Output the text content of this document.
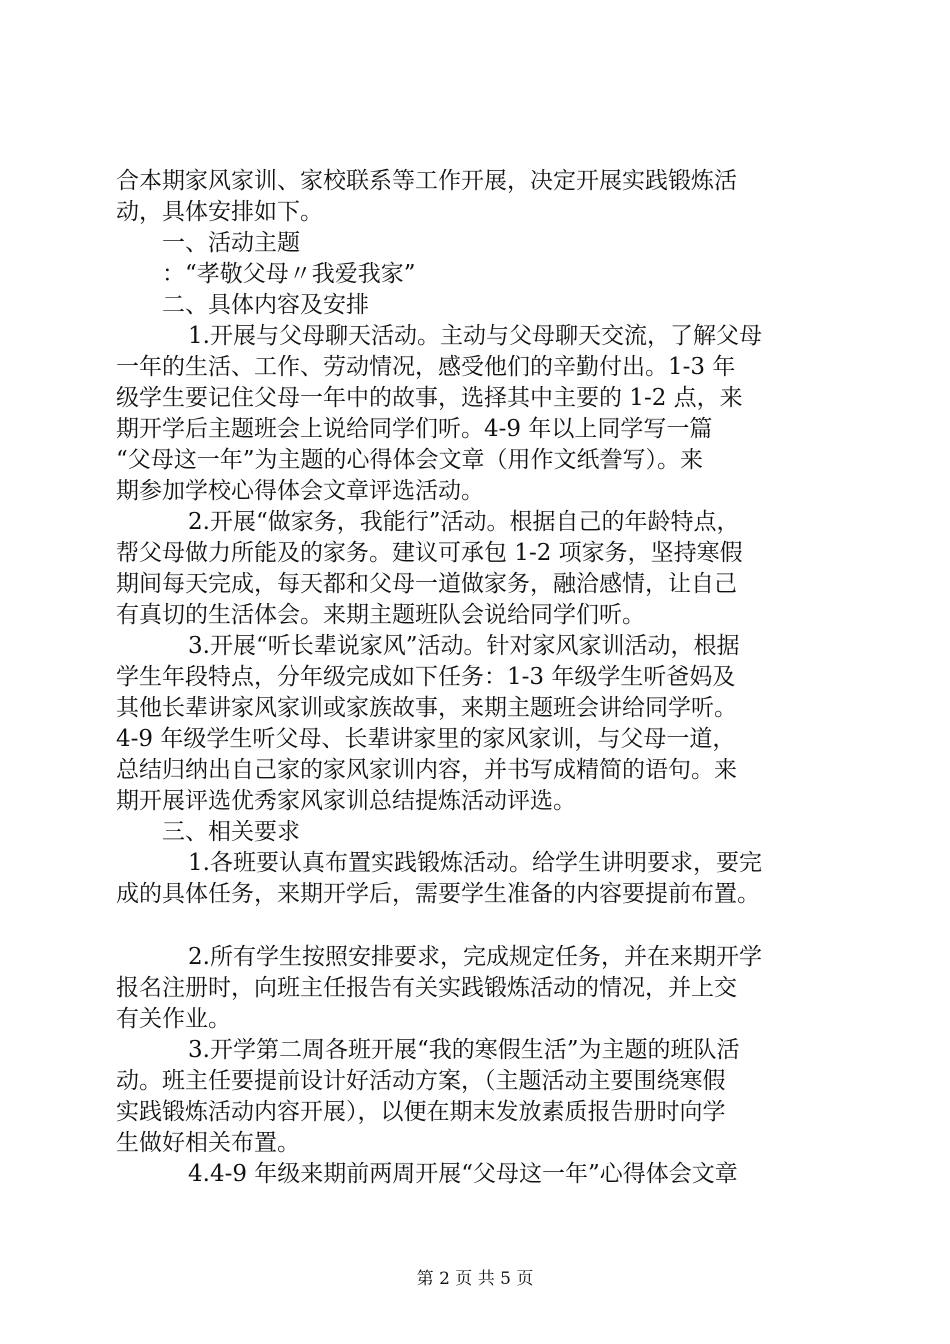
合本期家风家训、家校联系等工作开展，决定开展实践锻炼活
动，具体安排如下。
一、活动主题
：“孝敬父母〃我爱我家”
二、具体内容及安排
1.开展与父母聊天活动。主动与父母聊天交流，了解父母
一年的生活、工作、劳动情况，感受他们的辛勤付出。1-3 年
级学生要记住父母一年中的故事，选择其中主要的 1-2 点，来
期开学后主题班会上说给同学们听。4-9 年以上同学写一篇
“父母这一年”为主题的心得体会文章（用作文纸誊写）。来
期参加学校心得体会文章评选活动。
2.开展“做家务，我能行”活动。根据自己的年龄特点，
帮父母做力所能及的家务。建议可承包 1-2 项家务，坚持寒假
期间每天完成，每天都和父母一道做家务，融洽感情，让自己
有真切的生活体会。来期主题班队会说给同学们听。
3.开展“听长辈说家风”活动。针对家风家训活动，根据
学生年段特点，分年级完成如下任务：1-3 年级学生听爸妈及
其他长辈讲家风家训或家族故事，来期主题班会讲给同学听。
4-9 年级学生听父母、长辈讲家里的家风家训，与父母一道，
总结归纳出自己家的家风家训内容，并书写成精简的语句。来
期开展评选优秀家风家训总结提炼活动评选。
三、相关要求
1.各班要认真布置实践锻炼活动。给学生讲明要求，要完
成的具体任务，来期开学后，需要学生准备的内容要提前布置。
2.所有学生按照安排要求，完成规定任务，并在来期开学
报名注册时，向班主任报告有关实践锻炼活动的情况，并上交
有关作业。
3.开学第二周各班开展“我的寒假生活”为主题的班队活
动。班主任要提前设计好活动方案，（主题活动主要围绕寒假
实践锻炼活动内容开展），以便在期末发放素质报告册时向学
生做好相关布置。
4.4-9 年级来期前两周开展“父母这一年”心得体会文章
第 2 页 共 5 页
